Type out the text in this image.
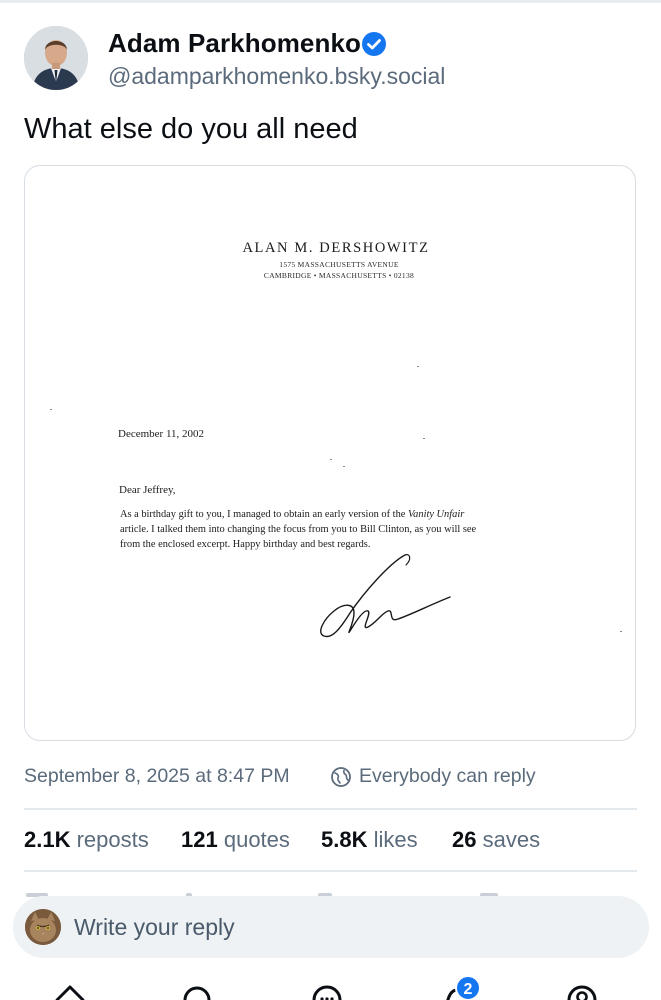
Adam Parkhomenko
@adamparkhomenko.bsky.social
What else do you all need
ALAN M. DERSHOWITZ
1575 MASSACHUSETTS AVENUE
CAMBRIDGE • MASSACHUSETTS • 02138
December 11, 2002
Dear Jeffrey,
As a birthday gift to you, I managed to obtain an early version of the Vanity Unfair
article. I talked them into changing the focus from you to Bill Clinton, as you will see
from the enclosed excerpt. Happy birthday and best regards.
September 8, 2025 at 8:47 PM	Everybody can reply
2.1K reposts 121 quotes 5.8K likes 26 saves
Write your reply
2
